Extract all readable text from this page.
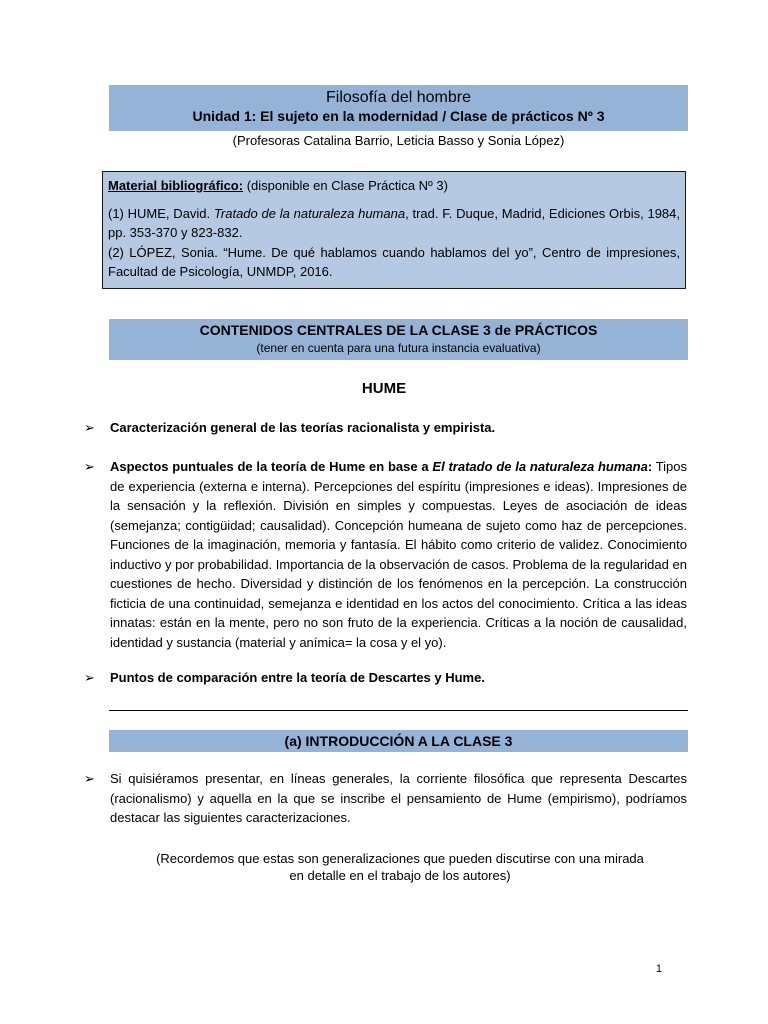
Filosofía del hombre
Unidad 1: El sujeto en la modernidad / Clase de prácticos Nº 3
(Profesoras Catalina Barrio, Leticia Basso y Sonia López)

Material bibliográfico: (disponible en Clase Práctica Nº 3)

(1) HUME, David. Tratado de la naturaleza humana, trad. F. Duque, Madrid, Ediciones Orbis, 1984, pp. 353-370 y 823-832.

(2) LÓPEZ, Sonia. “Hume. De qué hablamos cuando hablamos del yo”, Centro de impresiones, Facultad de Psicología, UNMDP, 2016.

CONTENIDOS CENTRALES DE LA CLASE 3 de PRÁCTICOS
(tener en cuenta para una futura instancia evaluativa)
HUME
➢ Caracterización general de las teorías racionalista y empirista.
➢ Aspectos puntuales de la teoría de Hume en base a El tratado de la naturaleza humana: Tipos de experiencia (externa e interna). Percepciones del espíritu (impresiones e ideas). Impresiones de la sensación y la reflexión. División en simples y compuestas. Leyes de asociación de ideas (semejanza; contigüidad; causalidad). Concepción humeana de sujeto como haz de percepciones. Funciones de la imaginación, memoria y fantasía. El hábito como criterio de validez. Conocimiento inductivo y por probabilidad. Importancia de la observación de casos. Problema de la regularidad en cuestiones de hecho. Diversidad y distinción de los fenómenos en la percepción. La construcción ficticia de una continuidad, semejanza e identidad en los actos del conocimiento. Crítica a las ideas innatas: están en la mente, pero no son fruto de la experiencia. Críticas a la noción de causalidad, identidad y sustancia (material y anímica= la cosa y el yo).
➢ Puntos de comparación entre la teoría de Descartes y Hume.
(a) INTRODUCCIÓN A LA CLASE 3
➢ Si quisiéramos presentar, en líneas generales, la corriente filosófica que representa Descartes (racionalismo) y aquella en la que se inscribe el pensamiento de Hume (empirismo), podríamos destacar las siguientes caracterizaciones.
(Recordemos que estas son generalizaciones que pueden discutirse con una mirada
en detalle en el trabajo de los autores)
1
